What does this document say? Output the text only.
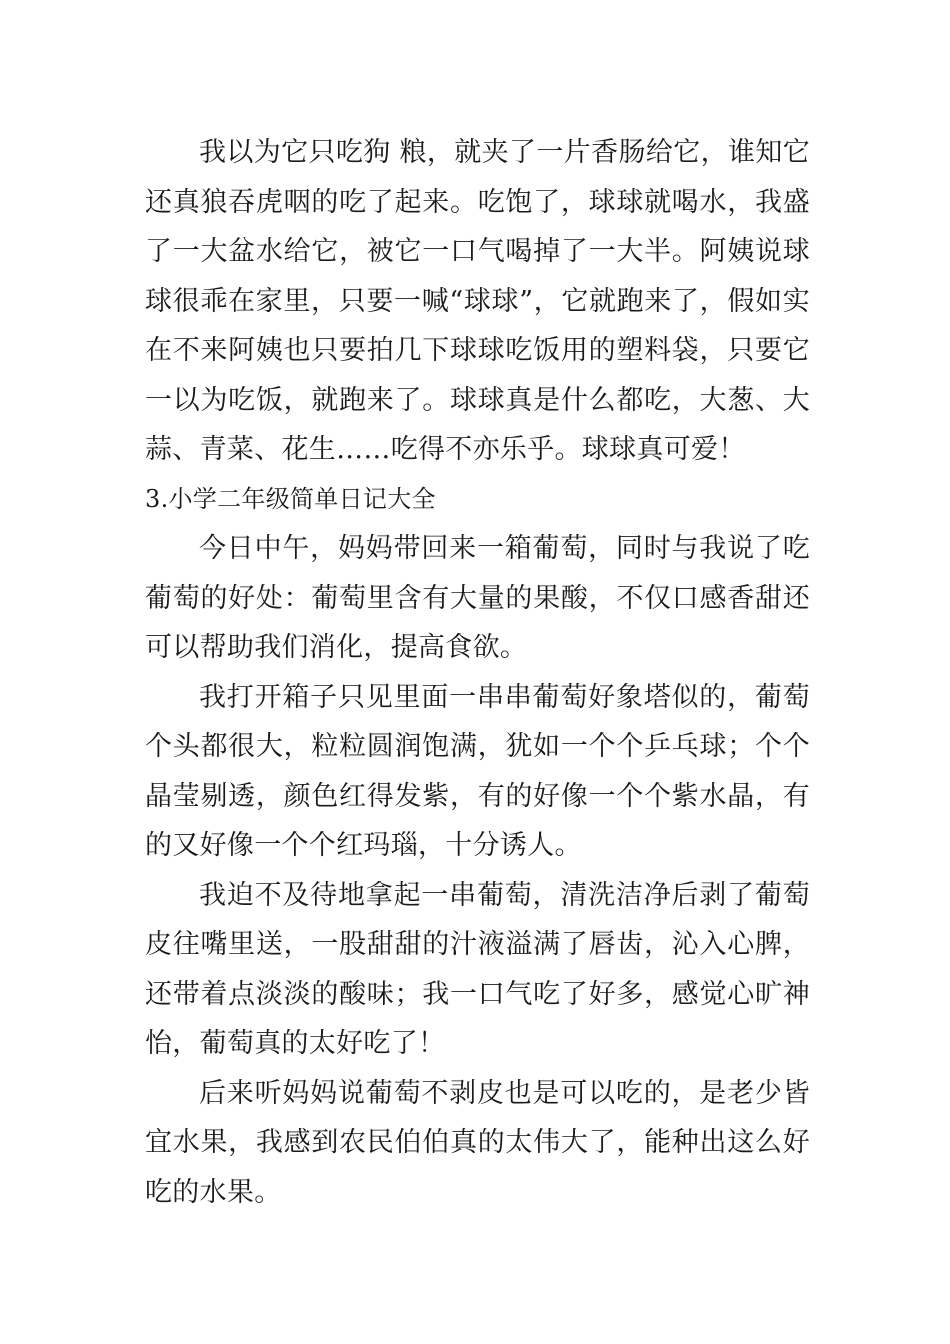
我以为它只吃狗 粮，就夹了一片香肠给它，谁知它还真狼吞虎咽的吃了起来。吃饱了，球球就喝水，我盛了一大盆水给它，被它一口气喝掉了一大半。阿姨说球球很乖在家里，只要一喊“球球”，它就跑来了，假如实在不来阿姨也只要拍几下球球吃饭用的塑料袋，只要它一以为吃饭，就跑来了。球球真是什么都吃，大葱、大蒜、青菜、花生……吃得不亦乐乎。球球真可爱！

3.小学二年级简单日记大全

今日中午，妈妈带回来一箱葡萄，同时与我说了吃葡萄的好处：葡萄里含有大量的果酸，不仅口感香甜还可以帮助我们消化，提高食欲。

我打开箱子只见里面一串串葡萄好象塔似的，葡萄个头都很大，粒粒圆润饱满，犹如一个个乒乓球；个个晶莹剔透，颜色红得发紫，有的好像一个个紫水晶，有的又好像一个个红玛瑙，十分诱人。

我迫不及待地拿起一串葡萄，清洗洁净后剥了葡萄皮往嘴里送，一股甜甜的汁液溢满了唇齿，沁入心脾，还带着点淡淡的酸味；我一口气吃了好多，感觉心旷神怡，葡萄真的太好吃了！

后来听妈妈说葡萄不剥皮也是可以吃的，是老少皆宜水果，我感到农民伯伯真的太伟大了，能种出这么好吃的水果。
